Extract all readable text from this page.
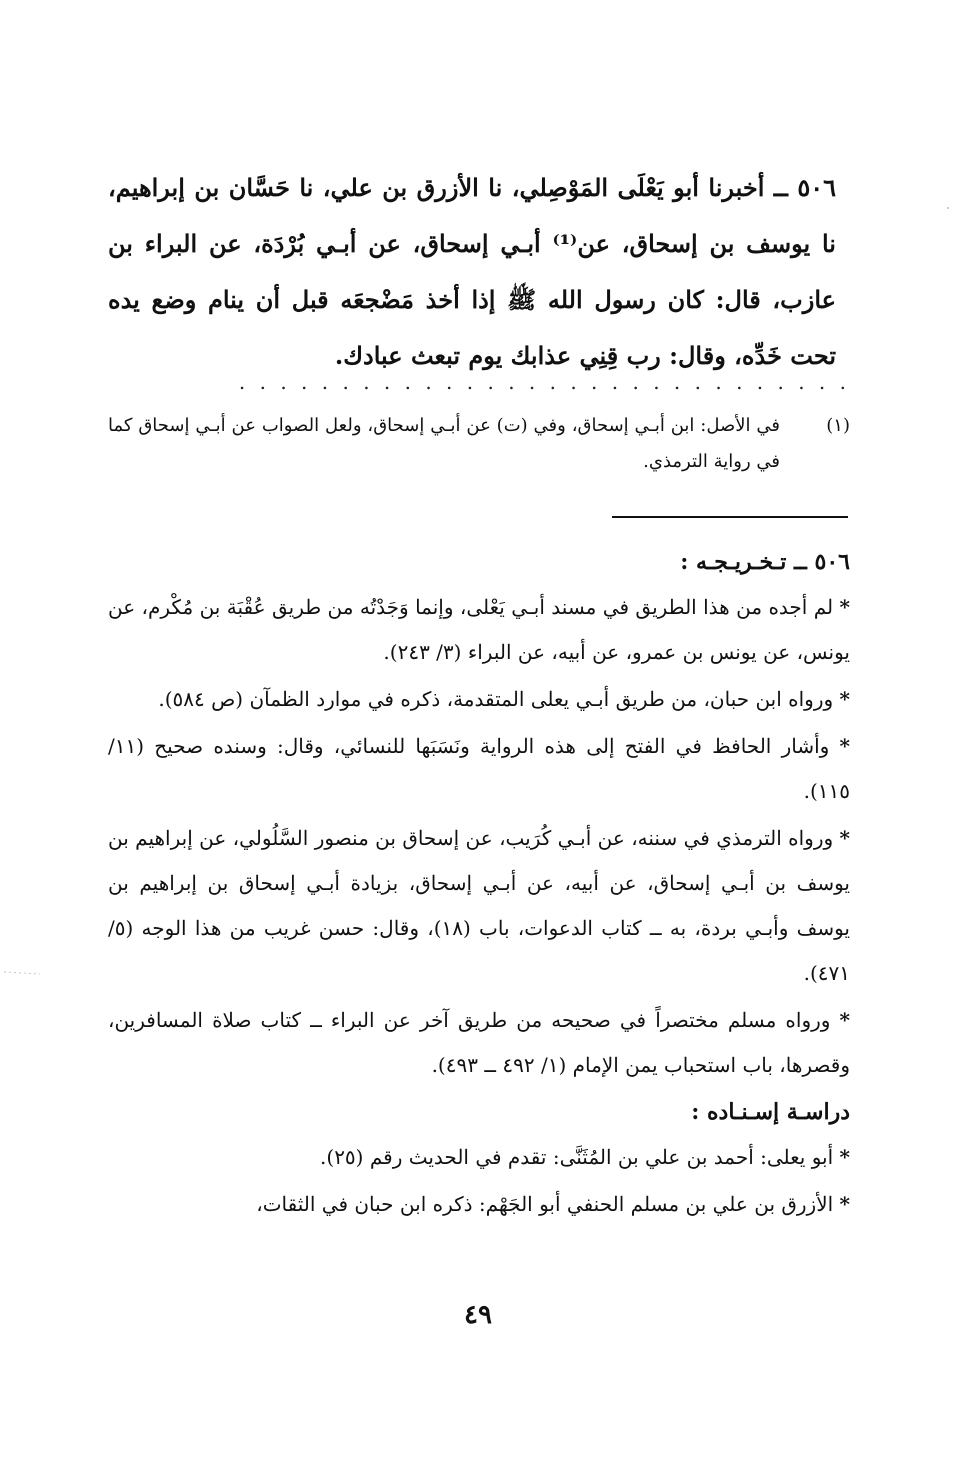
٥٠٦ ــ أخبرنا أبو يَعْلَى المَوْصِلي، نا الأزرق بن علي، نا حَسَّان بن إبراهيم، نا يوسف بن إسحاق، عن⁽¹⁾ أبـي إسحاق، عن أبـي بُرْدَة، عن البراء بن عازب، قال: كان رسول الله ﷺ إذا أخذ مَضْجعَه قبل أن ينام وضع يده تحت خَدِّه، وقال: رب قِنِي عذابك يوم تبعث عبادك.
. . . . . . . . . . . . . . . . . . . . . . . . . . . . . .
(١)
في الأصل: ابن أبـي إسحاق، وفي (ت) عن أبـي إسحاق، ولعل الصواب عن أبـي إسحاق كما في رواية الترمذي.
٥٠٦ ــ تـخـريـجـه :
* لم أجده من هذا الطريق في مسند أبـي يَعْلى، وإنما وَجَدْتُه من طريق عُقْبَة بن مُكْرم، عن يونس، عن يونس بن عمرو، عن أبيه، عن البراء (٣/ ٢٤٣).
* ورواه ابن حبان، من طريق أبـي يعلى المتقدمة، ذكره في موارد الظمآن (ص ٥٨٤).
* وأشار الحافظ في الفتح إلى هذه الرواية ونَسَبَها للنسائي، وقال: وسنده صحيح (١١/ ١١٥).
* ورواه الترمذي في سننه، عن أبـي كُرَيب، عن إسحاق بن منصور السَّلُولي، عن إبراهيم بن يوسف بن أبـي إسحاق، عن أبيه، عن أبـي إسحاق، بزيادة أبـي إسحاق بن إبراهيم بن يوسف وأبـي بردة، به ــ كتاب الدعوات، باب (١٨)، وقال: حسن غريب من هذا الوجه (٥/ ٤٧١).
* ورواه مسلم مختصراً في صحيحه من طريق آخر عن البراء ــ كتاب صلاة المسافرين، وقصرها، باب استحباب يمن الإمام (١/ ٤٩٢ ــ ٤٩٣).
دراسـة إسـنـاده :
* أبو يعلى: أحمد بن علي بن المُثَنَّى: تقدم في الحديث رقم (٢٥).
* الأزرق بن علي بن مسلم الحنفي أبو الجَهْم: ذكره ابن حبان في الثقات،
٤٩
